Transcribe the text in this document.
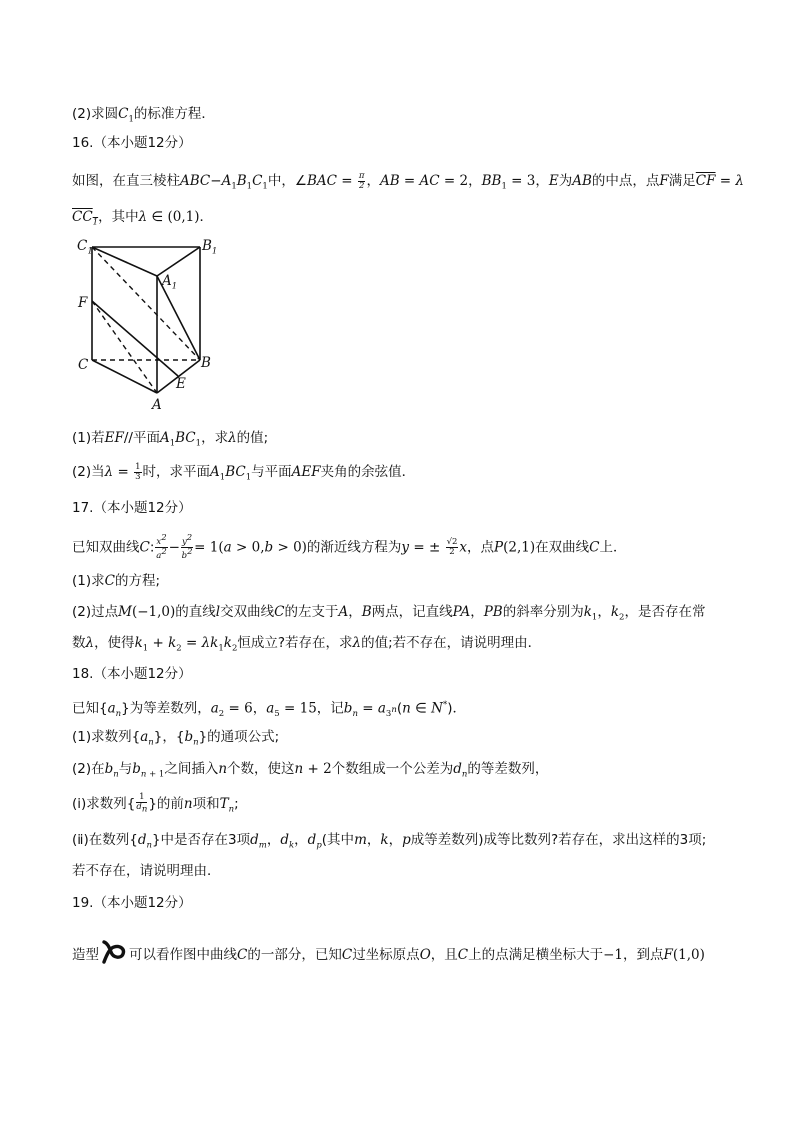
(2)求圆$C_1$的标准方程．
16.（本小题12分）
如图，在直三棱柱$ABC-A_1B_1C_1$中，∠BAC = $\frac{\pi}{2}$ ，AB = AC = 2，$BB_1 = 3$，E为AB的中点，点F满足$\overline{CF} = \lambda$
$CC_1$，其中λ ∈ (0,1)．
$C_1$	$B_1$
$A_1$
F
C	B
E
A
(1)若EF//平面$A_1BC_1$，求λ的值;
(2)当$\lambda = \frac{1}{3}$ 时，求平面$A_1BC_1$与平面AEF夹角的余弦值．
17.（本小题12分）
已知双曲线C: $\frac{x^2}{a^2} - \frac{y^2}{b^2} = 1(a > 0,b > 0)$的渐近线方程为y = ± $\frac{√2}{2}$ x，点P(2,1)在双曲线C上．
(1)求C的方程;
(2)过点M(−1,0)的直线l交双曲线C的左支于A，B两点，记直线PA，PB的斜率分别为$k_1$，$k_2$，是否存在常
数λ，使得$k_1 + k_2 = \lambda k_1k_2$恒成立?若存在，求λ的值;若不存在，请说明理由．
18.（本小题12分）
已知$\{a_n\}$为等差数列，$a_2 = 6$，$a_5 = 15$，记$b_n = a_{3^n}(n$ ∈ N*)．
(1)求数列$\{a_n\}$，$\{b_n\}$的通项公式;
(2)在$b_n$与$b_n$ $_{+ 1}$之间插入n个数，使这n + 2个数组成一个公差为$d_n$的等差数列，
(ⅰ)求数列{ $\frac{1}{d_n}$ }的前n项和$T_n$;
(ⅱ)在数列$\{d_n\}$中是否存在3项$d_m$，$d_k$，$d_p$(其中m，k，p成等差数列)成等比数列?若存在，求出这样的3项;
若不存在，请说明理由．
19.（本小题12分）
造型 可以看作图中曲线C的一部分，已知C过坐标原点O，且C上的点满足横坐标大于−1，到点F(1,0)
